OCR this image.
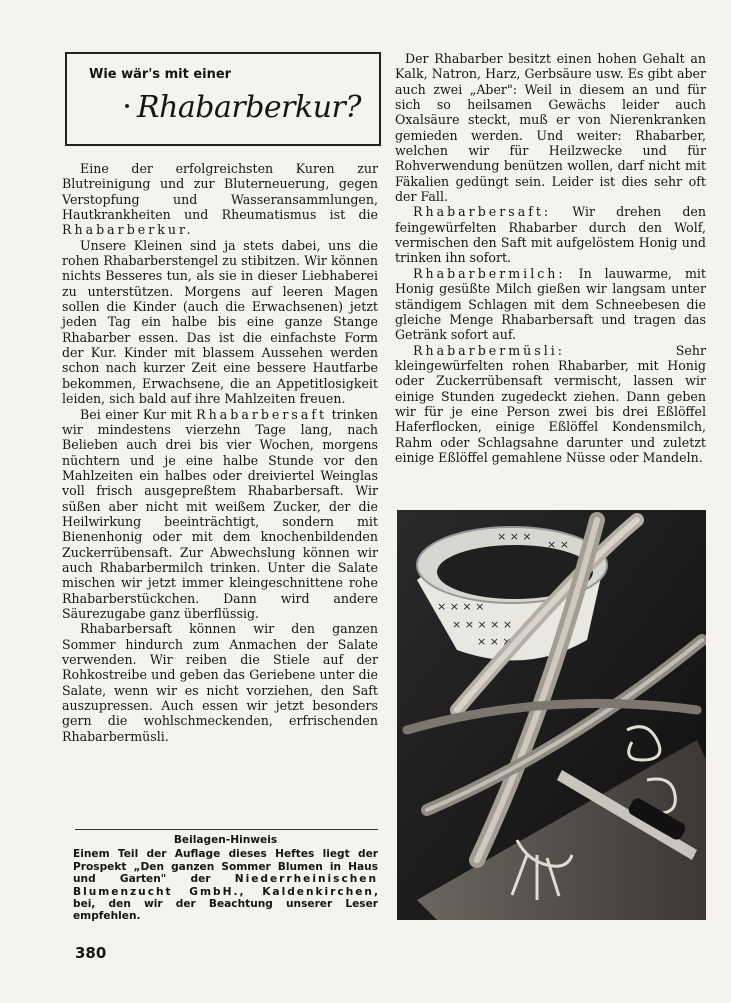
Wie wär's mit einer
Rhabarberkur?

Eine der erfolgreichsten Kuren zur Blutreinigung und zur Bluterneuerung, gegen Verstopfung und Wasseransammlungen, Hautkrankheiten und Rheumatismus ist die Rhabarberkur.

Unsere Kleinen sind ja stets dabei, uns die rohen Rhabarberstengel zu stibitzen. Wir können nichts Besseres tun, als sie in dieser Liebhaberei zu unterstützen. Morgens auf leeren Magen sollen die Kinder (auch die Erwachsenen) jetzt jeden Tag ein halbe bis eine ganze Stange Rhabarber essen. Das ist die einfachste Form der Kur. Kinder mit blassem Aussehen werden schon nach kurzer Zeit eine bessere Hautfarbe bekommen, Erwachsene, die an Appetitlosigkeit leiden, sich bald auf ihre Mahlzeiten freuen.

Bei einer Kur mit Rhabarbersaft trinken wir mindestens vierzehn Tage lang, nach Belieben auch drei bis vier Wochen, morgens nüchtern und je eine halbe Stunde vor den Mahlzeiten ein halbes oder dreiviertel Weinglas voll frisch ausgepreßtem Rhabarbersaft. Wir süßen aber nicht mit weißem Zucker, der die Heilwirkung beeinträchtigt, sondern mit Bienenhonig oder mit dem knochenbildenden Zuckerrübensaft. Zur Abwechslung können wir auch Rhabarbermilch trinken. Unter die Salate mischen wir jetzt immer kleingeschnittene rohe Rhabarberstückchen. Dann wird andere Säurezugabe ganz überflüssig.

Rhabarbersaft können wir den ganzen Sommer hindurch zum Anmachen der Salate verwenden. Wir reiben die Stiele auf der Rohkostreibe und geben das Geriebene unter die Salate, wenn wir es nicht vorziehen, den Saft auszupressen. Auch essen wir jetzt besonders gern die wohlschmeckenden, erfrischenden Rhabarbermüsli.

Beilagen-Hinweis
Einem Teil der Auflage dieses Heftes liegt der Prospekt „Den ganzen Sommer Blumen in Haus und Garten" der Niederrheinischen Blumenzucht GmbH., Kaldenkirchen, bei, den wir der Beachtung unserer Leser empfehlen.
380

Der Rhabarber besitzt einen hohen Gehalt an Kalk, Natron, Harz, Gerbsäure usw. Es gibt aber auch zwei „Aber": Weil in diesem an und für sich so heilsamen Gewächs leider auch Oxalsäure steckt, muß er von Nierenkranken gemieden werden. Und weiter: Rhabarber, welchen wir für Heilzwecke und für Rohverwendung benützen wollen, darf nicht mit Fäkalien gedüngt sein. Leider ist dies sehr oft der Fall.

Rhabarbersaft: Wir drehen den feingewürfelten Rhabarber durch den Wolf, vermischen den Saft mit aufgelöstem Honig und trinken ihn sofort.

Rhabarbermilch: In lauwarme, mit Honig gesüßte Milch gießen wir langsam unter ständigem Schlagen mit dem Schneebesen die gleiche Menge Rhabarbersaft und tragen das Getränk sofort auf.

Rhabarbermüsli: Sehr kleingewürfelten rohen Rhabarber, mit Honig oder Zuckerrübensaft vermischt, lassen wir einige Stunden zugedeckt ziehen. Dann geben wir für je eine Person zwei bis drei Eßlöffel Haferflocken, einige Eßlöffel Kondensmilch, Rahm oder Schlagsahne darunter und zuletzt einige Eßlöffel gemahlene Nüsse oder Mandeln.

× × × ×
× × × × ×
× × × ×
× × ×
× ×
